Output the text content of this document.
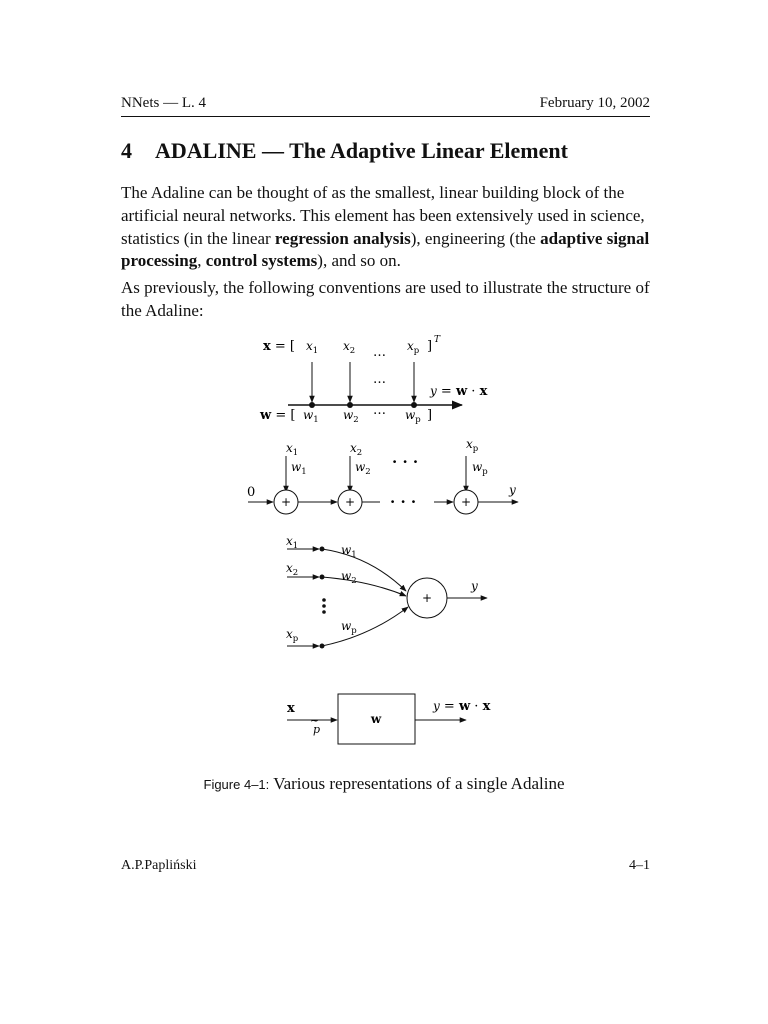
NNets — L. 4	February 10, 2002
4 ADALINE — The Adaptive Linear Element

The Adaline can be thought of as the smallest, linear building block of the artificial neural networks. This element has been extensively used in science, statistics (in the linear regression analysis), engineering (the adaptive signal processing, control systems), and so on.

As previously, the following conventions are used to illustrate the structure of the Adaline:

x = [ $x_1$ $x_2$ … $x_p$ ] T
…
y = w · x
w = [ $w_1$ $w_2$
… $w_p$ ]
0
$x_1$	$x_2$
$x_p$
$w_1$	$w_2$	$w_p$
· · ·
+	+ · · ·	+
y
$x_1$
$x_2$
$x_p$
$w_1$
$w_2$
$w_p$
+
y
x
~
p
w
y = w · x
Figure 4–1: Various representations of a single Adaline
A.P.Papliński	4–1
